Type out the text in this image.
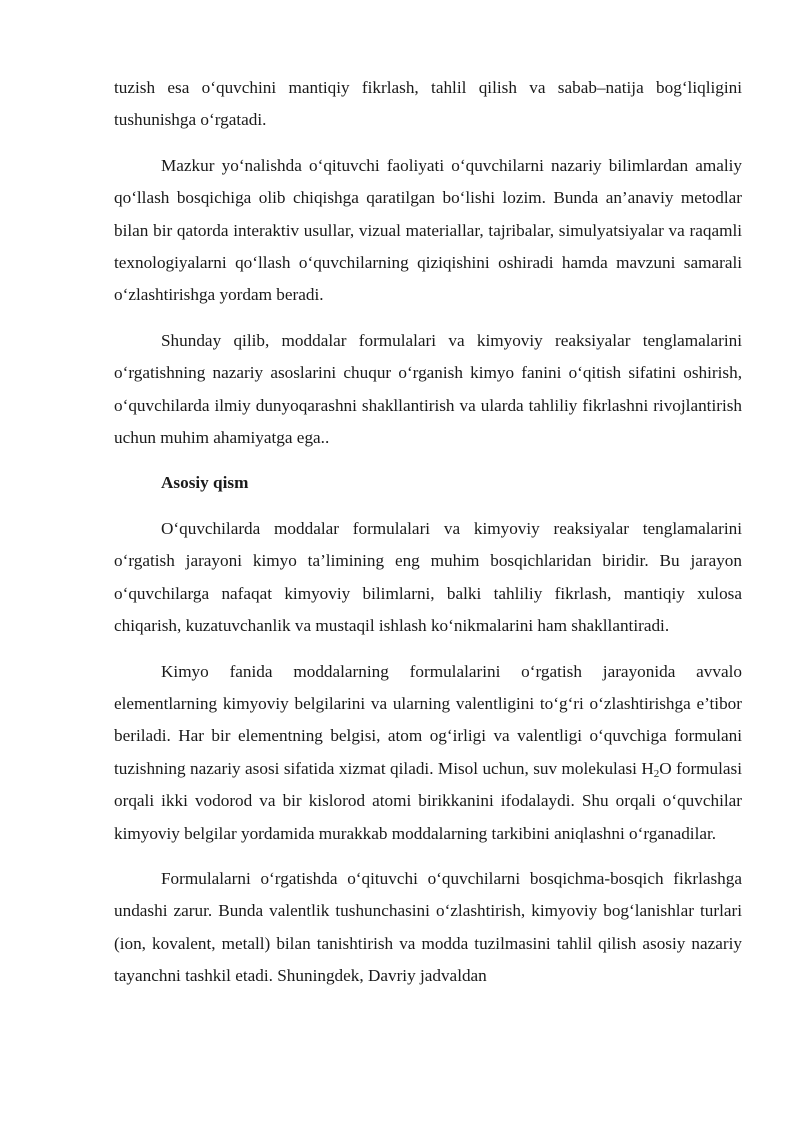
tuzish esa o‘quvchini mantiqiy fikrlash, tahlil qilish va sabab–natija bog‘liqligini tushunishga o‘rgatadi.

Mazkur yo‘nalishda o‘qituvchi faoliyati o‘quvchilarni nazariy bilimlardan amaliy qo‘llash bosqichiga olib chiqishga qaratilgan bo‘lishi lozim. Bunda an’anaviy metodlar bilan bir qatorda interaktiv usullar, vizual materiallar, tajribalar, simulyatsiyalar va raqamli texnologiyalarni qo‘llash o‘quvchilarning qiziqishini oshiradi hamda mavzuni samarali o‘zlashtirishga yordam beradi.

Shunday qilib, moddalar formulalari va kimyoviy reaksiyalar tenglamalarini o‘rgatishning nazariy asoslarini chuqur o‘rganish kimyo fanini o‘qitish sifatini oshirish, o‘quvchilarda ilmiy dunyoqarashni shakllantirish va ularda tahliliy fikrlashni rivojlantirish uchun muhim ahamiyatga ega..

Asosiy qism

O‘quvchilarda moddalar formulalari va kimyoviy reaksiyalar tenglamalarini o‘rgatish jarayoni kimyo ta’limining eng muhim bosqichlaridan biridir. Bu jarayon o‘quvchilarga nafaqat kimyoviy bilimlarni, balki tahliliy fikrlash, mantiqiy xulosa chiqarish, kuzatuvchanlik va mustaqil ishlash ko‘nikmalarini ham shakllantiradi.

Kimyo fanida moddalarning formulalarini o‘rgatish jarayonida avvalo elementlarning kimyoviy belgilarini va ularning valentligini to‘g‘ri o‘zlashtirishga e’tibor beriladi. Har bir elementning belgisi, atom og‘irligi va valentligi o‘quvchiga formulani tuzishning nazariy asosi sifatida xizmat qiladi. Misol uchun, suv molekulasi $H_2O$ formulasi orqali ikki vodorod va bir kislorod atomi birikkanini ifodalaydi. Shu orqali o‘quvchilar kimyoviy belgilar yordamida murakkab moddalarning tarkibini aniqlashni o‘rganadilar.

Formulalarni o‘rgatishda o‘qituvchi o‘quvchilarni bosqichma-bosqich fikrlashga undashi zarur. Bunda valentlik tushunchasini o‘zlashtirish, kimyoviy bog‘lanishlar turlari (ion, kovalent, metall) bilan tanishtirish va modda tuzilmasini tahlil qilish asosiy nazariy tayanchni tashkil etadi. Shuningdek, Davriy jadvaldan
